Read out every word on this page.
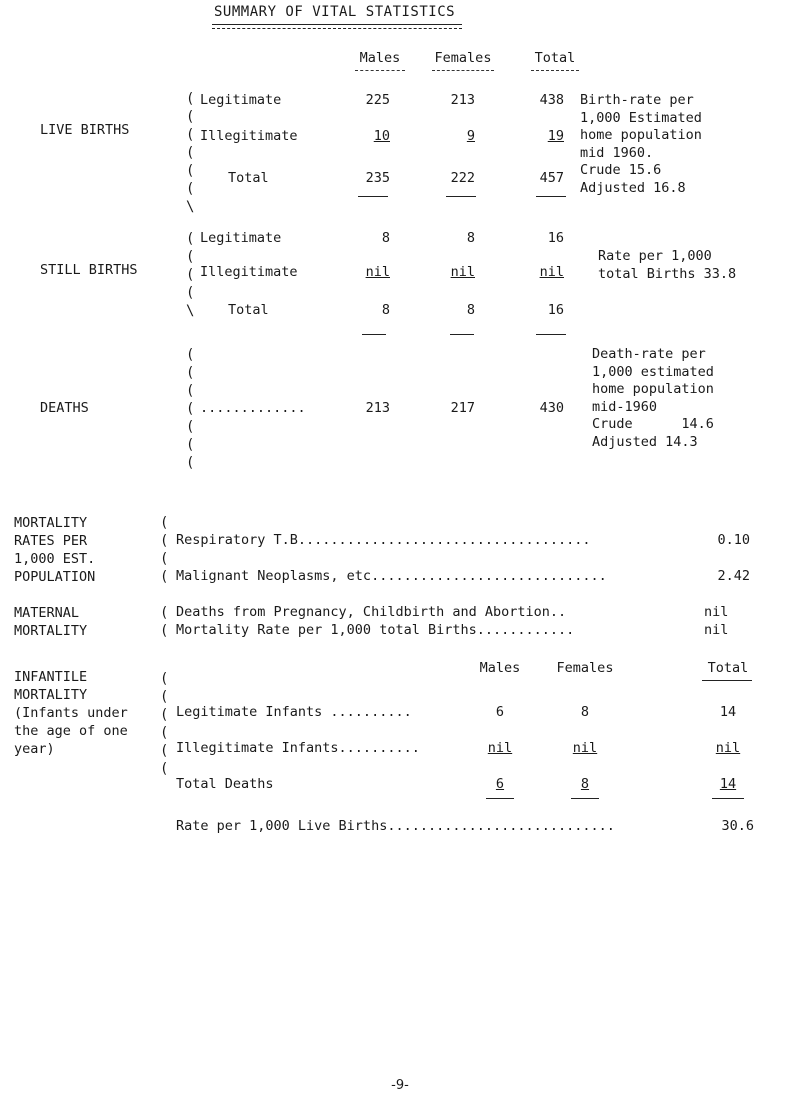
SUMMARY OF VITAL STATISTICS
Males	Females	Total
LIVE BIRTHS
(
(
(
(
(
(
\
Legitimate	225	213	438
Illegitimate	10	9	19
Total	235	222	457
Birth-rate per
1,000 Estimated
home population
mid 1960.
Crude 15.6
Adjusted 16.8
STILL BIRTHS
(
(
(
(
\
Legitimate	8	8	16
Illegitimate	nil	nil	nil
Total	8	8	16
Rate per 1,000
total Births 33.8
DEATHS
(
(
(
(
(
(
(
.............	213	217	430
Death-rate per
1,000 estimated
home population
mid-1960
Crude      14.6
Adjusted 14.3
MORTALITY
RATES PER
1,000 EST.
POPULATION
(
(
(
(
Respiratory T.B....................................	0.10
Malignant Neoplasms, etc.............................	2.42
MATERNAL
MORTALITY
(
(
Deaths from Pregnancy, Childbirth and Abortion..	nil
Mortality Rate per 1,000 total Births............	nil
Males	Females	Total
INFANTILE
MORTALITY
(Infants under
the age of one
year)
(
(
(
(
(
(
Legitimate Infants ..........	6	8	14
Illegitimate Infants..........	nil	nil	nil
Total Deaths	6	8	14
Rate per 1,000 Live Births............................	30.6
-9-
